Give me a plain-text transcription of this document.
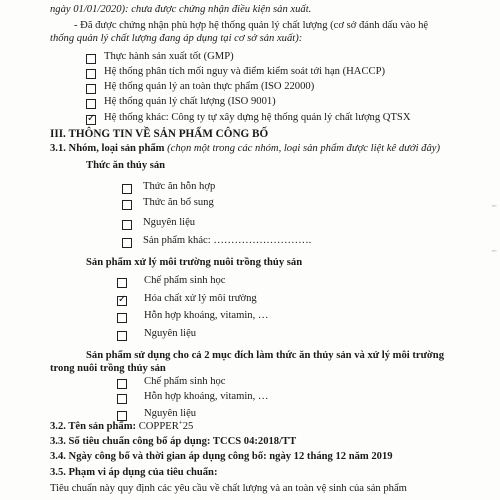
ngày 01/01/2020): chưa được chứng nhận điều kiện sản xuất.
- Đã được chứng nhận phù hợp hệ thống quản lý chất lượng (cơ sở đánh dấu vào hệ
thống quản lý chất lượng đang áp dụng tại cơ sở sản xuất):
Thực hành sản xuất tốt (GMP)
Hệ thống phân tích mối nguy và điểm kiểm soát tới hạn (HACCP)
Hệ thống quản lý an toàn thực phẩm (ISO 22000)
Hệ thống quản lý chất lượng (ISO 9001)
✓
Hệ thống khác: Công ty tự xây dựng hệ thống quản lý chất lượng QTSX
III. THÔNG TIN VỀ SẢN PHẨM CÔNG BỐ
3.1. Nhóm, loại sản phẩm (chọn một trong các nhóm, loại sản phẩm được liệt kê dưới đây)
Thức ăn thủy sản
Thức ăn hỗn hợp
Thức ăn bổ sung
Nguyên liệu
Sản phẩm khác: ……………………….
Sản phẩm xử lý môi trường nuôi trồng thủy sản
Chế phẩm sinh học
✓
Hóa chất xử lý môi trường
Hỗn hợp khoáng, vitamin, …
Nguyên liệu
Sản phẩm sử dụng cho cả 2 mục đích làm thức ăn thủy sản và xử lý môi trường
trong nuôi trồng thủy sản
Chế phẩm sinh học
Hỗn hợp khoáng, vitamin, …
Nguyên liệu
3.2. Tên sản phẩm: COPPER+25
3.3. Số tiêu chuẩn công bố áp dụng: TCCS 04:2018/TT
3.4. Ngày công bố và thời gian áp dụng công bố: ngày 12 tháng 12 năm 2019
3.5. Phạm vi áp dụng của tiêu chuẩn:
Tiêu chuẩn này quy định các yêu cầu về chất lượng và an toàn vệ sinh của sản phẩm
⁞
⁞
